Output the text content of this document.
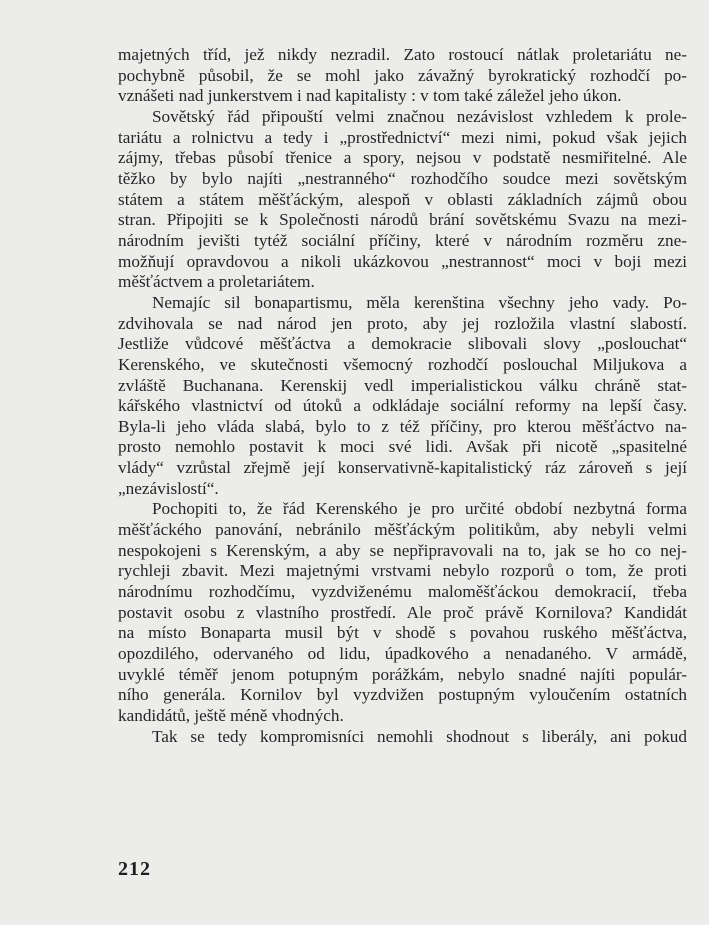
majetných tříd, jež nikdy nezradil. Zato rostoucí nátlak proletariátu ne-
pochybně působil, že se mohl jako závažný byrokratický rozhodčí po-
vznášeti nad junkerstvem i nad kapitalisty : v tom také záležel jeho úkon.
Sovětský řád připouští velmi značnou nezávislost vzhledem k prole-
tariátu a rolnictvu a tedy i „prostřednictví“ mezi nimi, pokud však jejich
zájmy, třebas působí třenice a spory, nejsou v podstatě nesmiřitelné. Ale
těžko by bylo najíti „nestranného“ rozhodčího soudce mezi sovětským
státem a státem měšťáckým, alespoň v oblasti základních zájmů obou
stran. Připojiti se k Společnosti národů brání sovětskému Svazu na mezi-
národním jevišti tytéž sociální příčiny, které v národním rozměru zne-
možňují opravdovou a nikoli ukázkovou „nestrannost“ moci v boji mezi
měšťáctvem a proletariátem.
Nemajíc sil bonapartismu, měla kerenština všechny jeho vady. Po-
zdvihovala se nad národ jen proto, aby jej rozložila vlastní slabostí.
Jestliže vůdcové měšťáctva a demokracie slibovali slovy „poslouchat“
Kerenského, ve skutečnosti všemocný rozhodčí poslouchal Miljukova a
zvláště Buchanana. Kerenskij vedl imperialistickou válku chráně stat-
kářského vlastnictví od útoků a odkládaje sociální reformy na lepší časy.
Byla-li jeho vláda slabá, bylo to z též příčiny, pro kterou měšťáctvo na-
prosto nemohlo postavit k moci své lidi. Avšak při nicotě „spasitelné
vlády“ vzrůstal zřejmě její konservativně-kapitalistický ráz zároveň s její
„nezávislostí“.
Pochopiti to, že řád Kerenského je pro určité období nezbytná forma
měšťáckého panování, nebránilo měšťáckým politikům, aby nebyli velmi
nespokojeni s Kerenským, a aby se nepřipravovali na to, jak se ho co nej-
rychleji zbavit. Mezi majetnými vrstvami nebylo rozporů o tom, že proti
národnímu rozhodčímu, vyzdviženému maloměšťáckou demokracií, třeba
postavit osobu z vlastního prostředí. Ale proč právě Kornilova? Kandidát
na místo Bonaparta musil být v shodě s povahou ruského měšťáctva,
opozdilého, odervaného od lidu, úpadkového a nenadaného. V armádě,
uvyklé téměř jenom potupným porážkám, nebylo snadné najíti populár-
ního generála. Kornilov byl vyzdvižen postupným vyloučením ostatních
kandidátů, ještě méně vhodných.
Tak se tedy kompromisníci nemohli shodnout s liberály, ani pokud
212
